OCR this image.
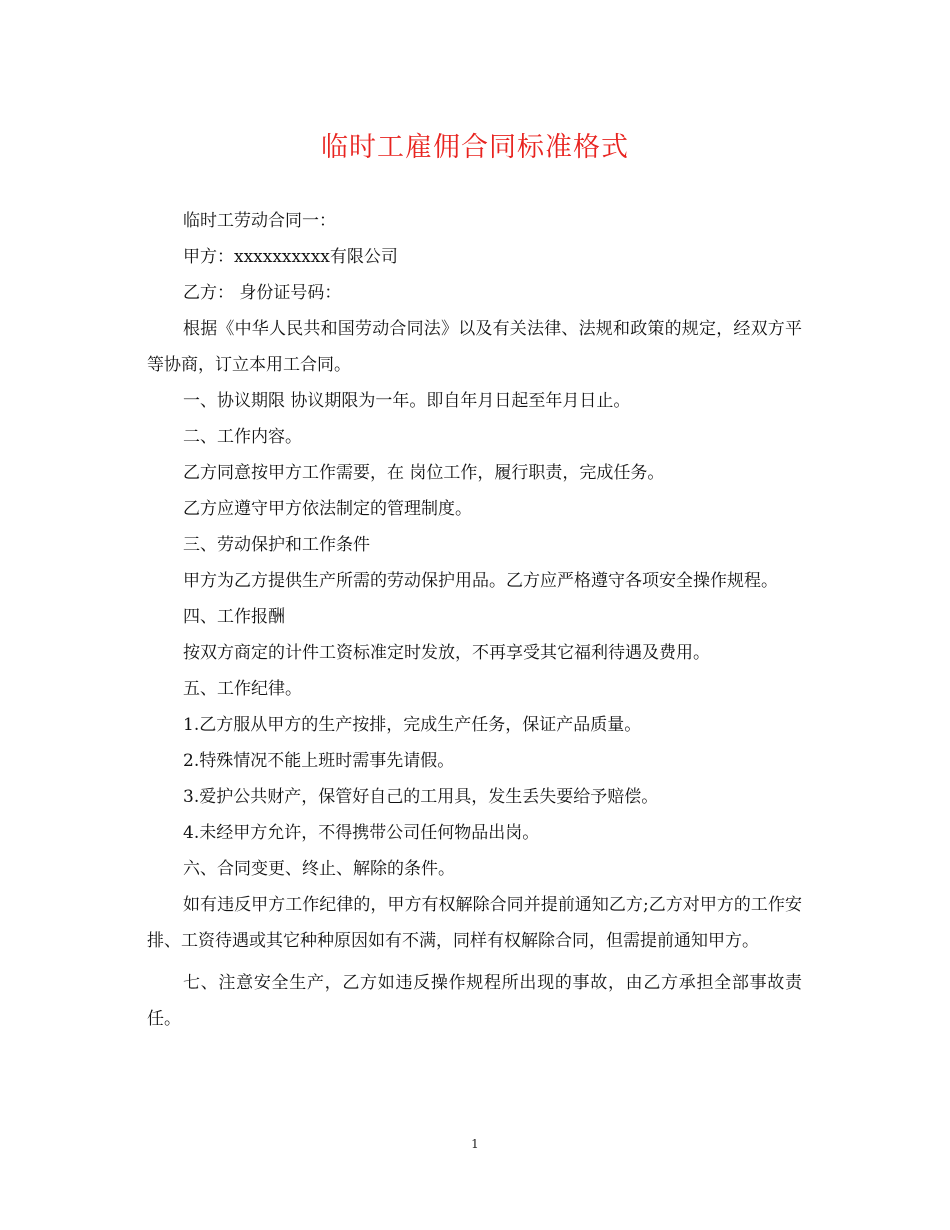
临时工雇佣合同标准格式

临时工劳动合同一：

甲方：xxxxxxxxxx有限公司

乙方： 身份证号码：

根据《中华人民共和国劳动合同法》以及有关法律、法规和政策的规定，经双方平等协商，订立本用工合同。

一、协议期限 协议期限为一年。即自年月日起至年月日止。

二、工作内容。

乙方同意按甲方工作需要，在 岗位工作，履行职责，完成任务。

乙方应遵守甲方依法制定的管理制度。

三、劳动保护和工作条件

甲方为乙方提供生产所需的劳动保护用品。乙方应严格遵守各项安全操作规程。

四、工作报酬

按双方商定的计件工资标准定时发放，不再享受其它福利待遇及费用。

五、工作纪律。

1.乙方服从甲方的生产按排，完成生产任务，保证产品质量。

2.特殊情况不能上班时需事先请假。

3.爱护公共财产，保管好自己的工用具，发生丢失要给予赔偿。

4.未经甲方允许，不得携带公司任何物品出岗。

六、合同变更、终止、解除的条件。

如有违反甲方工作纪律的，甲方有权解除合同并提前通知乙方;乙方对甲方的工作安排、工资待遇或其它种种原因如有不满，同样有权解除合同，但需提前通知甲方。

七、注意安全生产，乙方如违反操作规程所出现的事故，由乙方承担全部事故责任。

1
